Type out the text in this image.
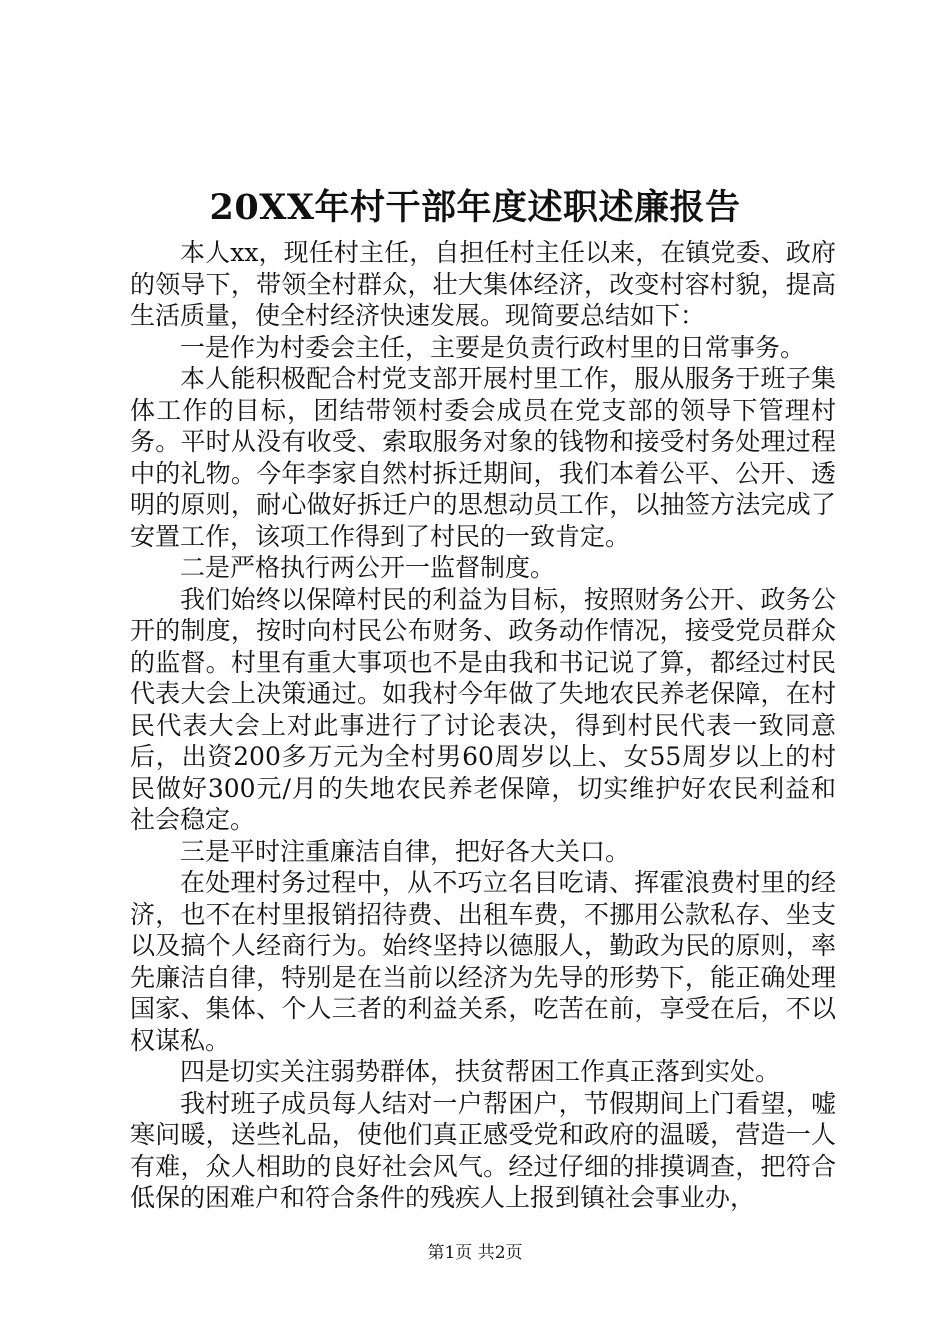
20XX年村干部年度述职述廉报告

本人xx，现任村主任，自担任村主任以来，在镇党委、政府的领导下，带领全村群众，壮大集体经济，改变村容村貌，提高生活质量，使全村经济快速发展。现简要总结如下：

一是作为村委会主任，主要是负责行政村里的日常事务。

本人能积极配合村党支部开展村里工作，服从服务于班子集体工作的目标，团结带领村委会成员在党支部的领导下管理村务。平时从没有收受、索取服务对象的钱物和接受村务处理过程中的礼物。今年李家自然村拆迁期间，我们本着公平、公开、透明的原则，耐心做好拆迁户的思想动员工作，以抽签方法完成了安置工作，该项工作得到了村民的一致肯定。

二是严格执行两公开一监督制度。

我们始终以保障村民的利益为目标，按照财务公开、政务公开的制度，按时向村民公布财务、政务动作情况，接受党员群众的监督。村里有重大事项也不是由我和书记说了算，都经过村民代表大会上决策通过。如我村今年做了失地农民养老保障，在村民代表大会上对此事进行了讨论表决，得到村民代表一致同意后，出资200多万元为全村男60周岁以上、女55周岁以上的村民做好300元/月的失地农民养老保障，切实维护好农民利益和社会稳定。

三是平时注重廉洁自律，把好各大关口。

在处理村务过程中，从不巧立名目吃请、挥霍浪费村里的经济，也不在村里报销招待费、出租车费，不挪用公款私存、坐支以及搞个人经商行为。始终坚持以德服人，勤政为民的原则，率先廉洁自律，特别是在当前以经济为先导的形势下，能正确处理国家、集体、个人三者的利益关系，吃苦在前，享受在后，不以权谋私。

四是切实关注弱势群体，扶贫帮困工作真正落到实处。

我村班子成员每人结对一户帮困户，节假期间上门看望，嘘寒问暖，送些礼品，使他们真正感受党和政府的温暖，营造一人有难，众人相助的良好社会风气。经过仔细的排摸调查，把符合低保的困难户和符合条件的残疾人上报到镇社会事业办，

第1页 共2页
